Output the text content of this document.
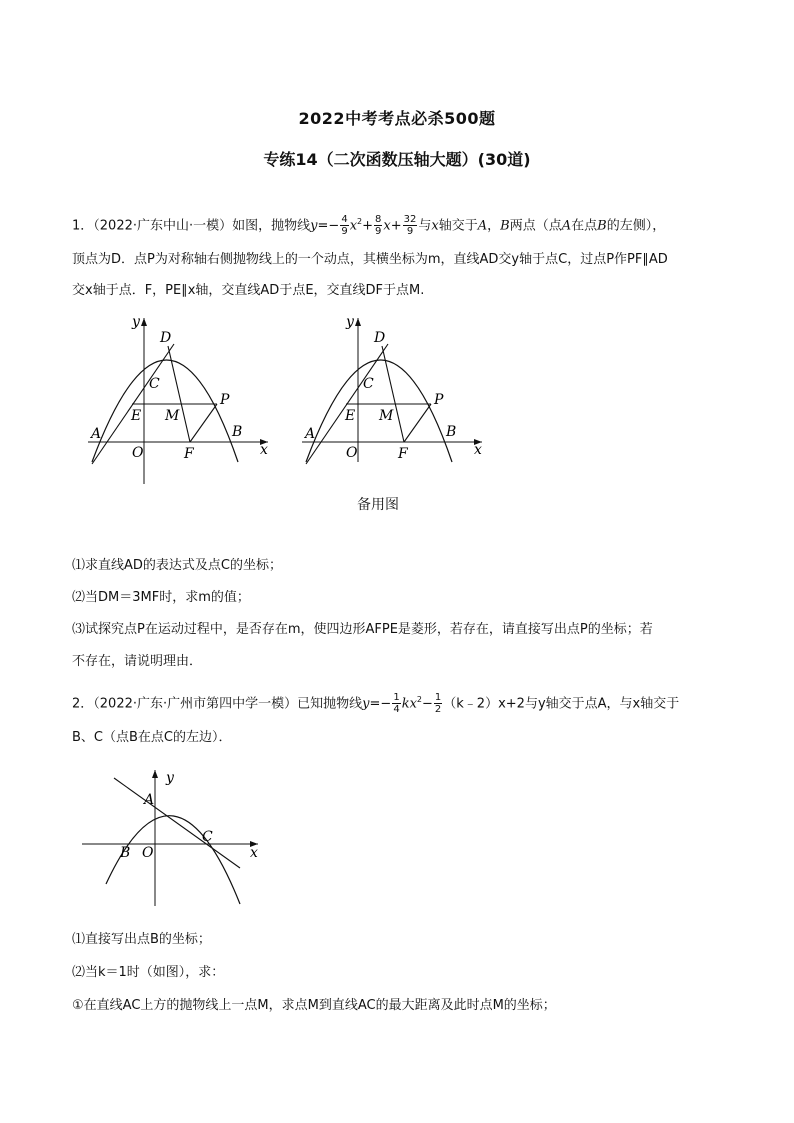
2022中考考点必杀500题
专练14（二次函数压轴大题）(30道)
1．（2022·广东中山·一模）如图，抛物线$y=- \frac{4}{9} x^2+ \frac{8}{9} x+ \frac{32}{9}$ 与x轴交于A，B两点（点A在点B的左侧），
顶点为D．点P为对称轴右侧抛物线上的一个动点，其横坐标为m，直线AD交y轴于点C，过点P作PF∥AD
交x轴于点．F，PE∥x轴，交直线AD于点E，交直线DF于点M.
y
x
D
C
E M
P
A	B
O	F
y
x
D
C
E M
P
A	B
O	F
备用图
⑴求直线AD的表达式及点C的坐标；
⑵当DM＝3MF时，求m的值；
⑶试探究点P在运动过程中，是否存在m，使四边形AFPE是菱形，若存在，请直接写出点P的坐标；若
不存在，请说明理由．
2．（2022·广东·广州市第四中学一模）已知抛物线$y=- \frac{1}{4} kx^2- \frac{1}{2}$ （k﹣2）x+2与y轴交于点A，与x轴交于
B、C（点B在点C的左边）．
y
x
A
B O
C
⑴直接写出点B的坐标；
⑵当k＝1时（如图），求：
①在直线AC上方的抛物线上一点M，求点M到直线AC的最大距离及此时点M的坐标；
